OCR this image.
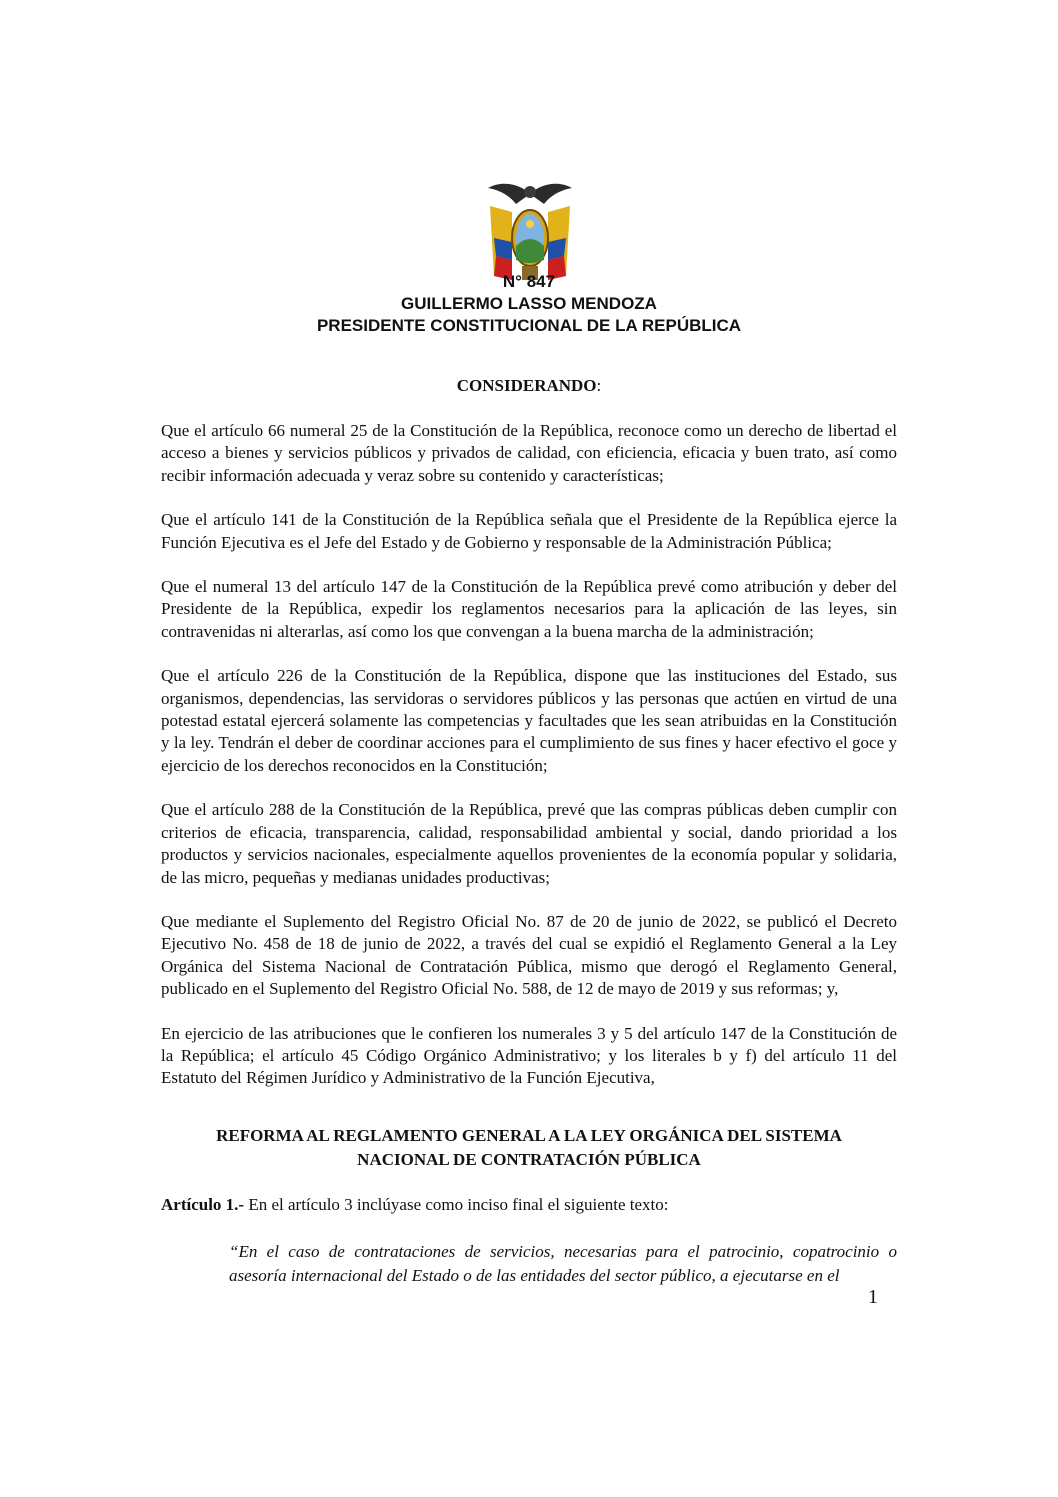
N° 847
GUILLERMO LASSO MENDOZA
PRESIDENTE CONSTITUCIONAL DE LA REPÚBLICA
CONSIDERANDO:

Que el artículo 66 numeral 25 de la Constitución de la República, reconoce como un derecho de libertad el acceso a bienes y servicios públicos y privados de calidad, con eficiencia, eficacia y buen trato, así como recibir información adecuada y veraz sobre su contenido y características;

Que el artículo 141 de la Constitución de la República señala que el Presidente de la República ejerce la Función Ejecutiva es el Jefe del Estado y de Gobierno y responsable de la Administración Pública;

Que el numeral 13 del artículo 147 de la Constitución de la República prevé como atribución y deber del Presidente de la República, expedir los reglamentos necesarios para la aplicación de las leyes, sin contravenidas ni alterarlas, así como los que convengan a la buena marcha de la administración;

Que el artículo 226 de la Constitución de la República, dispone que las instituciones del Estado, sus organismos, dependencias, las servidoras o servidores públicos y las personas que actúen en virtud de una potestad estatal ejercerá solamente las competencias y facultades que les sean atribuidas en la Constitución y la ley. Tendrán el deber de coordinar acciones para el cumplimiento de sus fines y hacer efectivo el goce y ejercicio de los derechos reconocidos en la Constitución;

Que el artículo 288 de la Constitución de la República, prevé que las compras públicas deben cumplir con criterios de eficacia, transparencia, calidad, responsabilidad ambiental y social, dando prioridad a los productos y servicios nacionales, especialmente aquellos provenientes de la economía popular y solidaria, de las micro, pequeñas y medianas unidades productivas;

Que mediante el Suplemento del Registro Oficial No. 87 de 20 de junio de 2022, se publicó el Decreto Ejecutivo No. 458 de 18 de junio de 2022, a través del cual se expidió el Reglamento General a la Ley Orgánica del Sistema Nacional de Contratación Pública, mismo que derogó el Reglamento General, publicado en el Suplemento del Registro Oficial No. 588, de 12 de mayo de 2019 y sus reformas; y,

En ejercicio de las atribuciones que le confieren los numerales 3 y 5 del artículo 147 de la Constitución de la República; el artículo 45 Código Orgánico Administrativo; y los literales b y f) del artículo 11 del Estatuto del Régimen Jurídico y Administrativo de la Función Ejecutiva,

REFORMA AL REGLAMENTO GENERAL A LA LEY ORGÁNICA DEL SISTEMA
NACIONAL DE CONTRATACIÓN PÚBLICA
Artículo 1.- En el artículo 3 inclúyase como inciso final el siguiente texto:
“En el caso de contrataciones de servicios, necesarias para el patrocinio, copatrocinio o asesoría internacional del Estado o de las entidades del sector público, a ejecutarse en el
1
